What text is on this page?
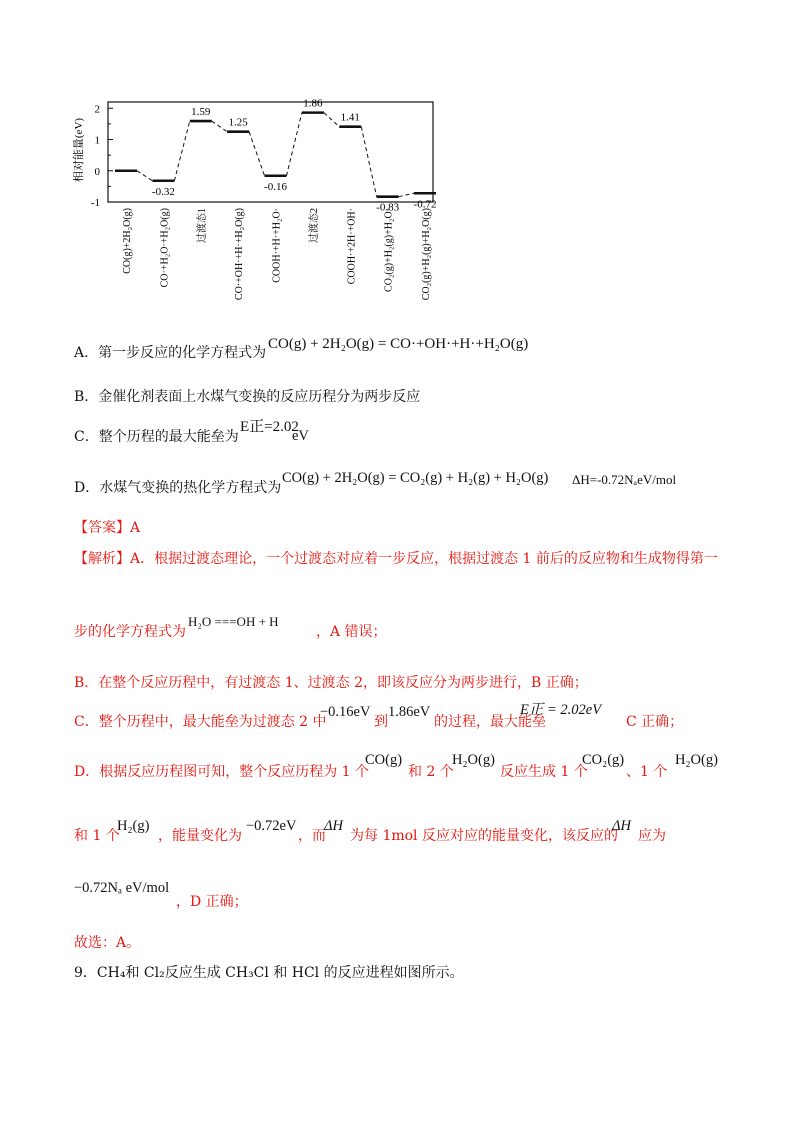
2
1
0
-1
-0.32
1.59
1.25
-0.16
1.86
1.41
-0.83 -0.72
CO(g)+2H₂O(g)	CO·+H₂O·+H₂O(g)	过渡态1	CO·+OH·+H·+H₂O(g)	COOH·+H·+H₂O·	过渡态2	COOH·+2H·+OH·	CO₂(g)+H₂(g)+H₂O·	CO₂(g)+H₂(g)+H₂O(g)
相对能量(eV)
A．第一步反应的化学方程式为
CO(g) + 2H₂O(g) = CO·+OH·+H·+H₂O(g)
B．金催化剂表面上水煤气变换的反应历程分为两步反应
C．整个历程的最大能垒为
E正=2.02
eV
D．水煤气变换的热化学方程式为
CO(g) + 2H₂O(g) = CO₂(g) + H₂(g) + H₂O(g) ΔH=-0.72NₐeV/mol
【答案】A
【解析】A．根据过渡态理论，一个过渡态对应着一步反应，根据过渡态 1 前后的反应物和生成物得第一
步的化学方程式为
H₂O ===OH + H
，A 错误；
B．在整个反应历程中，有过渡态 1、过渡态 2，即该反应分为两步进行，B 正确；
C．整个历程中，最大能垒为过渡态 2 中
−0.16eV
到
1.86eV
的过程，最大能垒
E正 = 2.02eV
C 正确；
D．根据反应历程图可知，整个反应历程为 1 个
CO(g)
和 2 个
H₂O(g)
反应生成 1 个
CO₂(g)
、1 个
H₂O(g)
和 1 个
H₂(g)
，能量变化为
−0.72eV
，而
ΔH
为每 1mol 反应对应的能量变化，该反应的
ΔH
应为
−0.72Nₐ eV/mol
，D 正确；
故选：A。
9．CH₄和 Cl₂反应生成 CH₃Cl 和 HCl 的反应进程如图所示。
